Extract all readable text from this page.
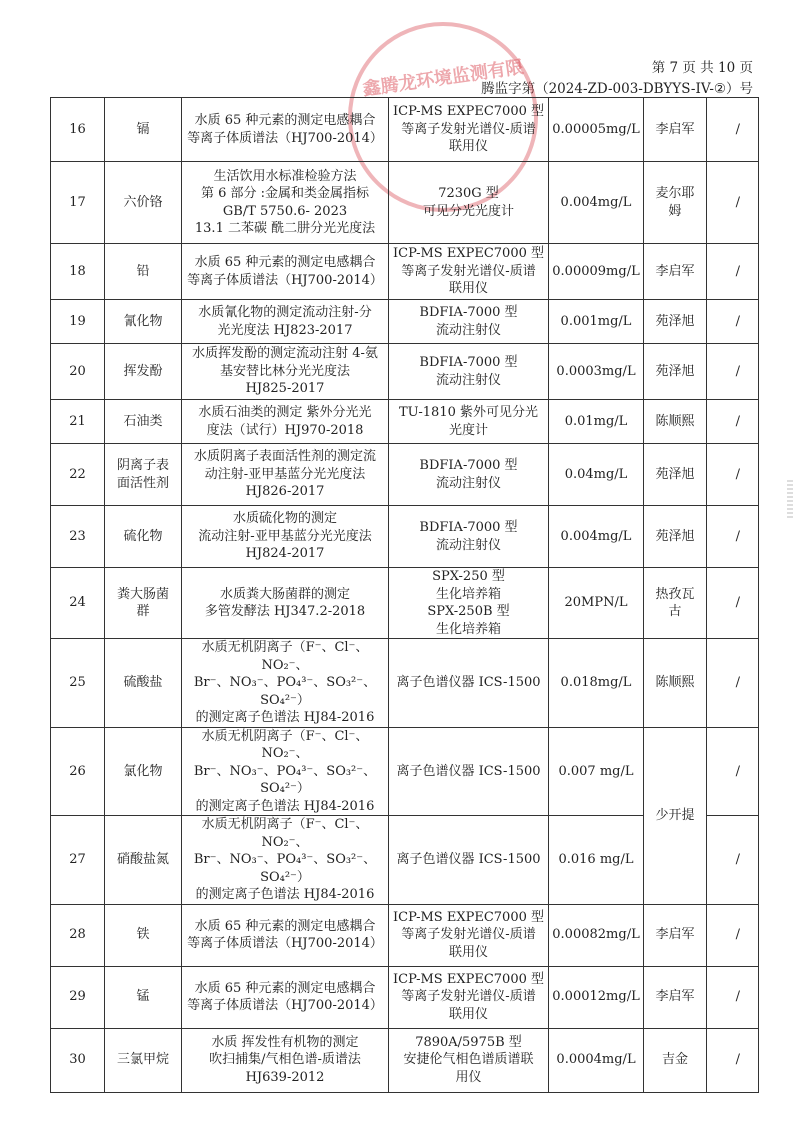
第 7 页 共 10 页
腾监字第（2024-ZD-003-DBYYS-IV-②）号
鑫腾龙环境监测有限
16	镉	水质 65 种元素的测定电感耦合
等离子体质谱法（HJ700-2014）	ICP-MS EXPEC7000 型
等离子发射光谱仪-质谱
联用仪	0.00005mg/L	李启军	/
17	六价铬	生活饮用水标准检验方法
第 6 部分 :金属和类金属指标
GB/T 5750.6- 2023
13.1 二苯碳 酰二肼分光光度法	7230G 型
可见分光光度计	0.004mg/L	麦尔耶
姆	/
18	铅	水质 65 种元素的测定电感耦合
等离子体质谱法（HJ700-2014）	ICP-MS EXPEC7000 型
等离子发射光谱仪-质谱
联用仪	0.00009mg/L	李启军	/
19	氰化物	水质氰化物的测定流动注射-分
光光度法 HJ823-2017	BDFIA-7000 型
流动注射仪	0.001mg/L	苑泽旭	/
20	挥发酚	水质挥发酚的测定流动注射 4-氨
基安替比林分光光度法
HJ825-2017	BDFIA-7000 型
流动注射仪	0.0003mg/L	苑泽旭	/
21	石油类	水质石油类的测定 紫外分光光
度法（试行）HJ970-2018	TU-1810 紫外可见分光
光度计	0.01mg/L	陈顺熙	/
22	阴离子表
面活性剂	水质阴离子表面活性剂的测定流
动注射-亚甲基蓝分光光度法
HJ826-2017	BDFIA-7000 型
流动注射仪	0.04mg/L	苑泽旭	/
23	硫化物	水质硫化物的测定
流动注射-亚甲基蓝分光光度法
HJ824-2017	BDFIA-7000 型
流动注射仪	0.004mg/L	苑泽旭	/
24	粪大肠菌
群	水质粪大肠菌群的测定
多管发酵法 HJ347.2-2018	SPX-250 型
生化培养箱
SPX-250B 型
生化培养箱	20MPN/L	热孜瓦
古	/
25	硫酸盐	水质无机阴离子（F⁻、Cl⁻、NO₂⁻、
Br⁻、NO₃⁻、PO₄³⁻、SO₃²⁻、SO₄²⁻）
的测定离子色谱法 HJ84-2016	离子色谱仪器 ICS-1500	0.018mg/L	陈顺熙	/
26	氯化物	水质无机阴离子（F⁻、Cl⁻、NO₂⁻、
Br⁻、NO₃⁻、PO₄³⁻、SO₃²⁻、SO₄²⁻）
的测定离子色谱法 HJ84-2016	离子色谱仪器 ICS-1500	0.007 mg/L	少开提	/
27	硝酸盐氮	水质无机阴离子（F⁻、Cl⁻、NO₂⁻、
Br⁻、NO₃⁻、PO₄³⁻、SO₃²⁻、SO₄²⁻）
的测定离子色谱法 HJ84-2016	离子色谱仪器 ICS-1500	0.016 mg/L		/
28	铁	水质 65 种元素的测定电感耦合
等离子体质谱法（HJ700-2014）	ICP-MS EXPEC7000 型
等离子发射光谱仪-质谱
联用仪	0.00082mg/L	李启军	/
29	锰	水质 65 种元素的测定电感耦合
等离子体质谱法（HJ700-2014）	ICP-MS EXPEC7000 型
等离子发射光谱仪-质谱
联用仪	0.00012mg/L	李启军	/
30	三氯甲烷	水质 挥发性有机物的测定
吹扫捕集/气相色谱-质谱法
HJ639-2012	7890A/5975B 型
安捷伦气相色谱质谱联
用仪	0.0004mg/L	吉金	/
